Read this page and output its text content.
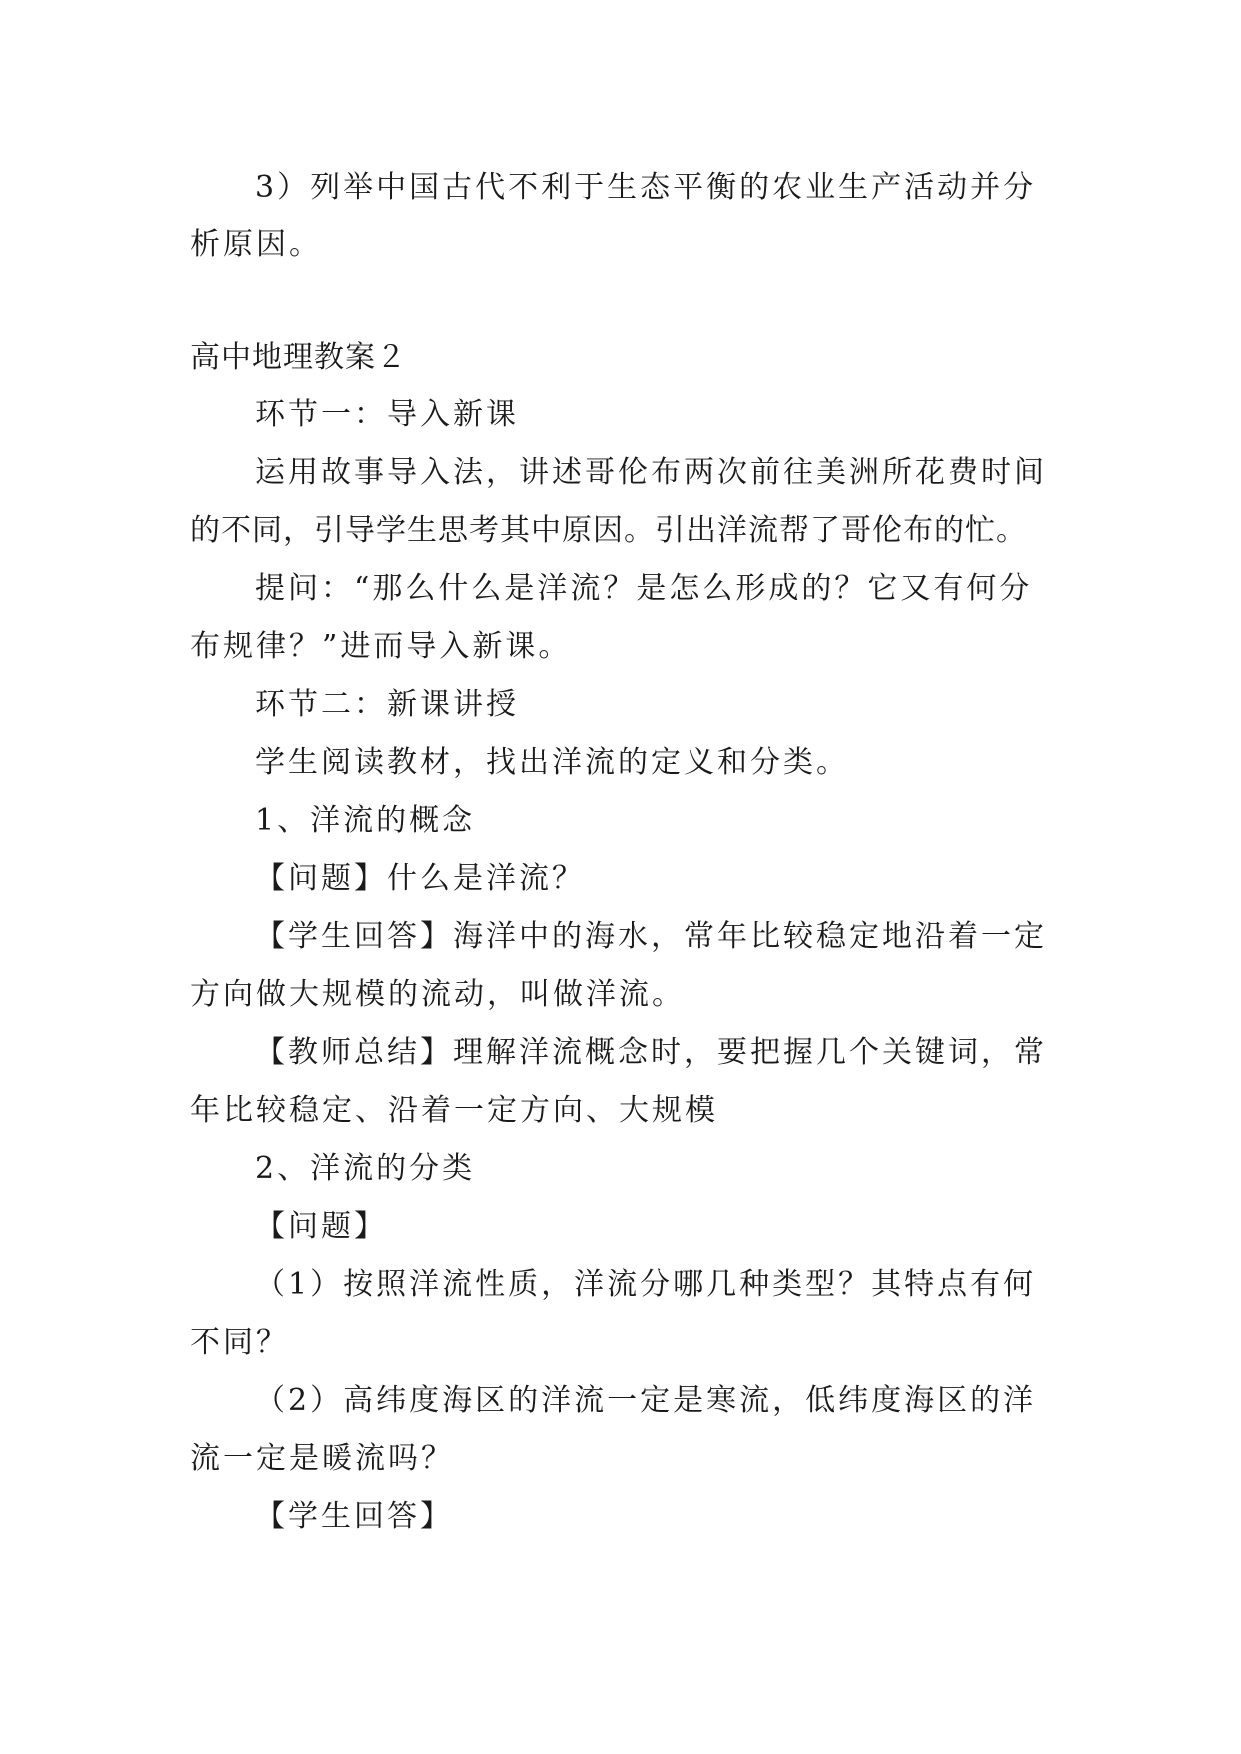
3）列举中国古代不利于生态平衡的农业生产活动并分
析原因。
高中地理教案２
环节一：导入新课
运用故事导入法，讲述哥伦布两次前往美洲所花费时间
的不同，引导学生思考其中原因。引出洋流帮了哥伦布的忙。
提问：“那么什么是洋流？是怎么形成的？它又有何分
布规律？”进而导入新课。
环节二：新课讲授
学生阅读教材，找出洋流的定义和分类。
1、洋流的概念
【问题】什么是洋流？
【学生回答】海洋中的海水，常年比较稳定地沿着一定
方向做大规模的流动，叫做洋流。
【教师总结】理解洋流概念时，要把握几个关键词，常
年比较稳定、沿着一定方向、大规模
2、洋流的分类
【问题】
（1）按照洋流性质，洋流分哪几种类型？其特点有何
不同？
（2）高纬度海区的洋流一定是寒流，低纬度海区的洋
流一定是暖流吗？
【学生回答】
